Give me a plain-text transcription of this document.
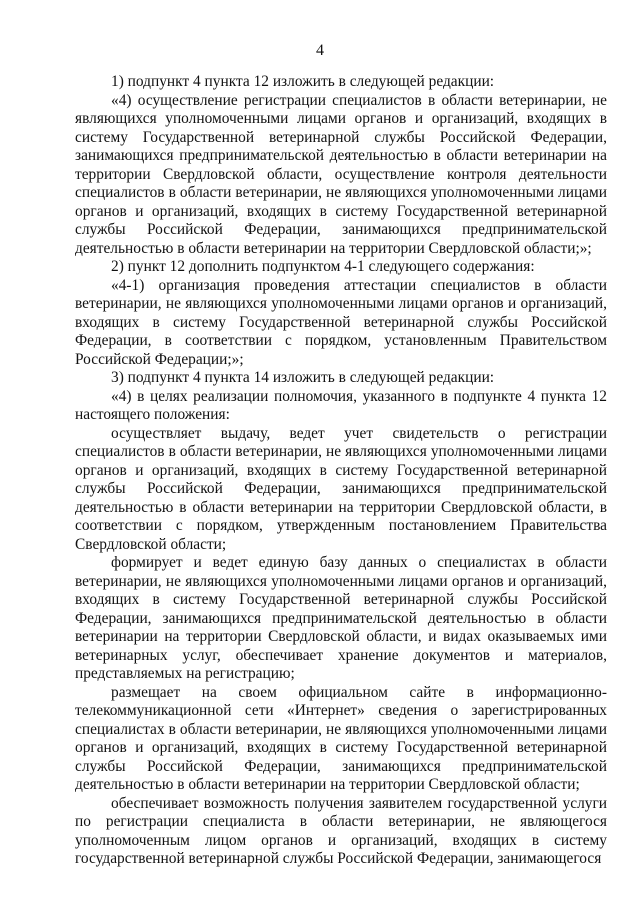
4

1) подпункт 4 пункта 12 изложить в следующей редакции:

«4) осуществление регистрации специалистов в области ветеринарии, не являющихся уполномоченными лицами органов и организаций, входящих в систему Государственной ветеринарной службы Российской Федерации, занимающихся предпринимательской деятельностью в области ветеринарии на территории Свердловской области, осуществление контроля деятельности специалистов в области ветеринарии, не являющихся уполномоченными лицами органов и организаций, входящих в систему Государственной ветеринарной службы Российской Федерации, занимающихся предпринимательской деятельностью в области ветеринарии на территории Свердловской области;»;

2) пункт 12 дополнить подпунктом 4-1 следующего содержания:

«4-1) организация проведения аттестации специалистов в области ветеринарии, не являющихся уполномоченными лицами органов и организаций, входящих в систему Государственной ветеринарной службы Российской Федерации, в соответствии с порядком, установленным Правительством Российской Федерации;»;

3) подпункт 4 пункта 14 изложить в следующей редакции:

«4) в целях реализации полномочия, указанного в подпункте 4 пункта 12 настоящего положения:

осуществляет выдачу, ведет учет свидетельств о регистрации специалистов в области ветеринарии, не являющихся уполномоченными лицами органов и организаций, входящих в систему Государственной ветеринарной службы Российской Федерации, занимающихся предпринимательской деятельностью в области ветеринарии на территории Свердловской области, в соответствии с порядком, утвержденным постановлением Правительства Свердловской области;

формирует и ведет единую базу данных о специалистах в области ветеринарии, не являющихся уполномоченными лицами органов и организаций, входящих в систему Государственной ветеринарной службы Российской Федерации, занимающихся предпринимательской деятельностью в области ветеринарии на территории Свердловской области, и видах оказываемых ими ветеринарных услуг, обеспечивает хранение документов и материалов, представляемых на регистрацию;

размещает на своем официальном сайте в информационно-телекоммуникационной сети «Интернет» сведения о зарегистрированных специалистах в области ветеринарии, не являющихся уполномоченными лицами органов и организаций, входящих в систему Государственной ветеринарной службы Российской Федерации, занимающихся предпринимательской деятельностью в области ветеринарии на территории Свердловской области;

обеспечивает возможность получения заявителем государственной услуги по регистрации специалиста в области ветеринарии, не являющегося уполномоченным лицом органов и организаций, входящих в систему государственной ветеринарной службы Российской Федерации, занимающегося
